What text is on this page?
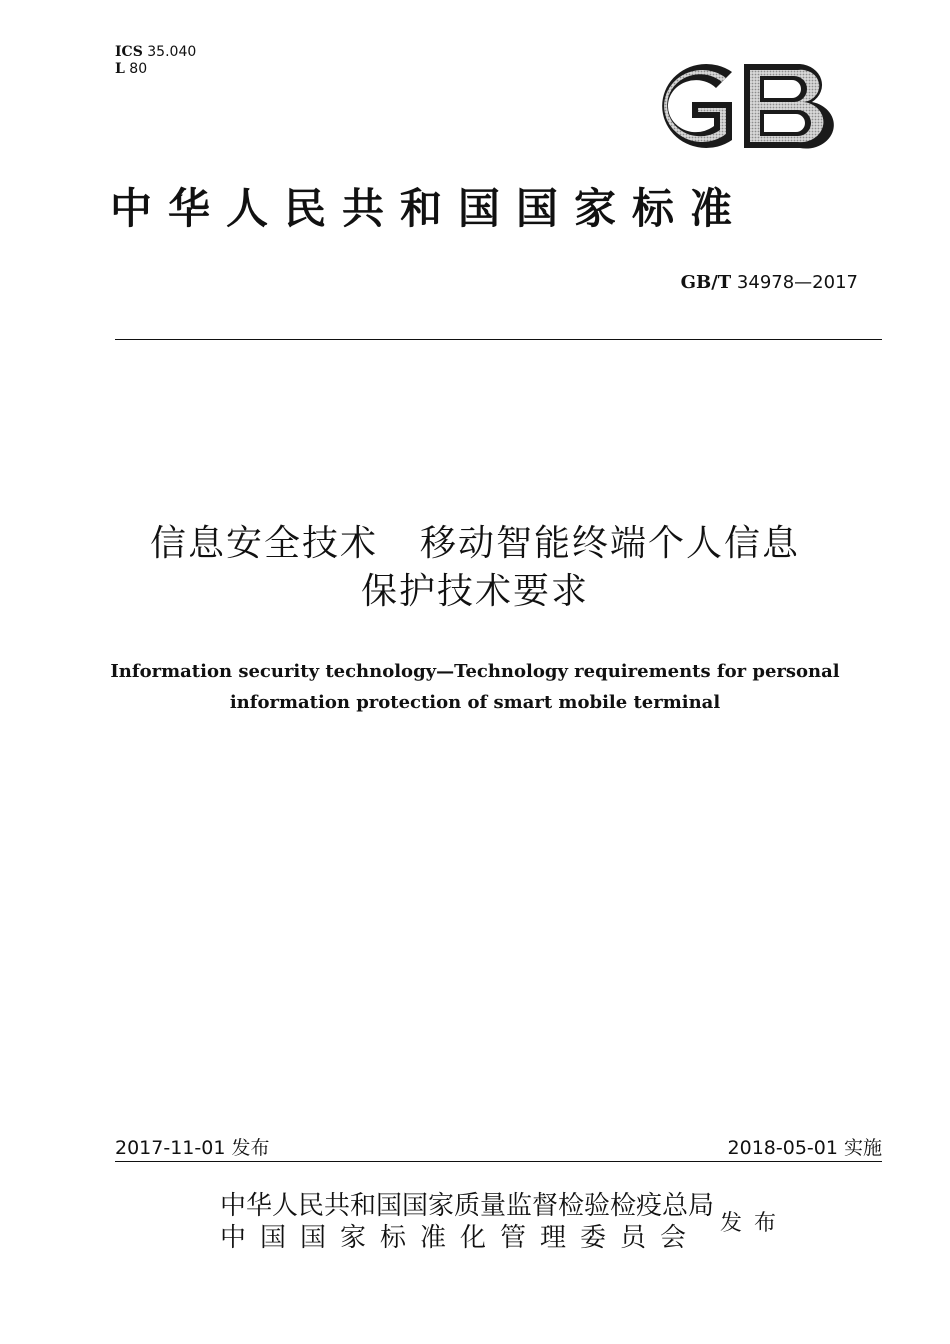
ICS 35.040
L 80
中华人民共和国国家标准
GB/T 34978—2017
信息安全技术 移动智能终端个人信息
保护技术要求
Information security technology—Technology requirements for personal
information protection of smart mobile terminal
2017-11-01 发布	2018-05-01 实施
中华人民共和国国家质量监督检验检疫总局
中国国家标准化管理委员会 发布
